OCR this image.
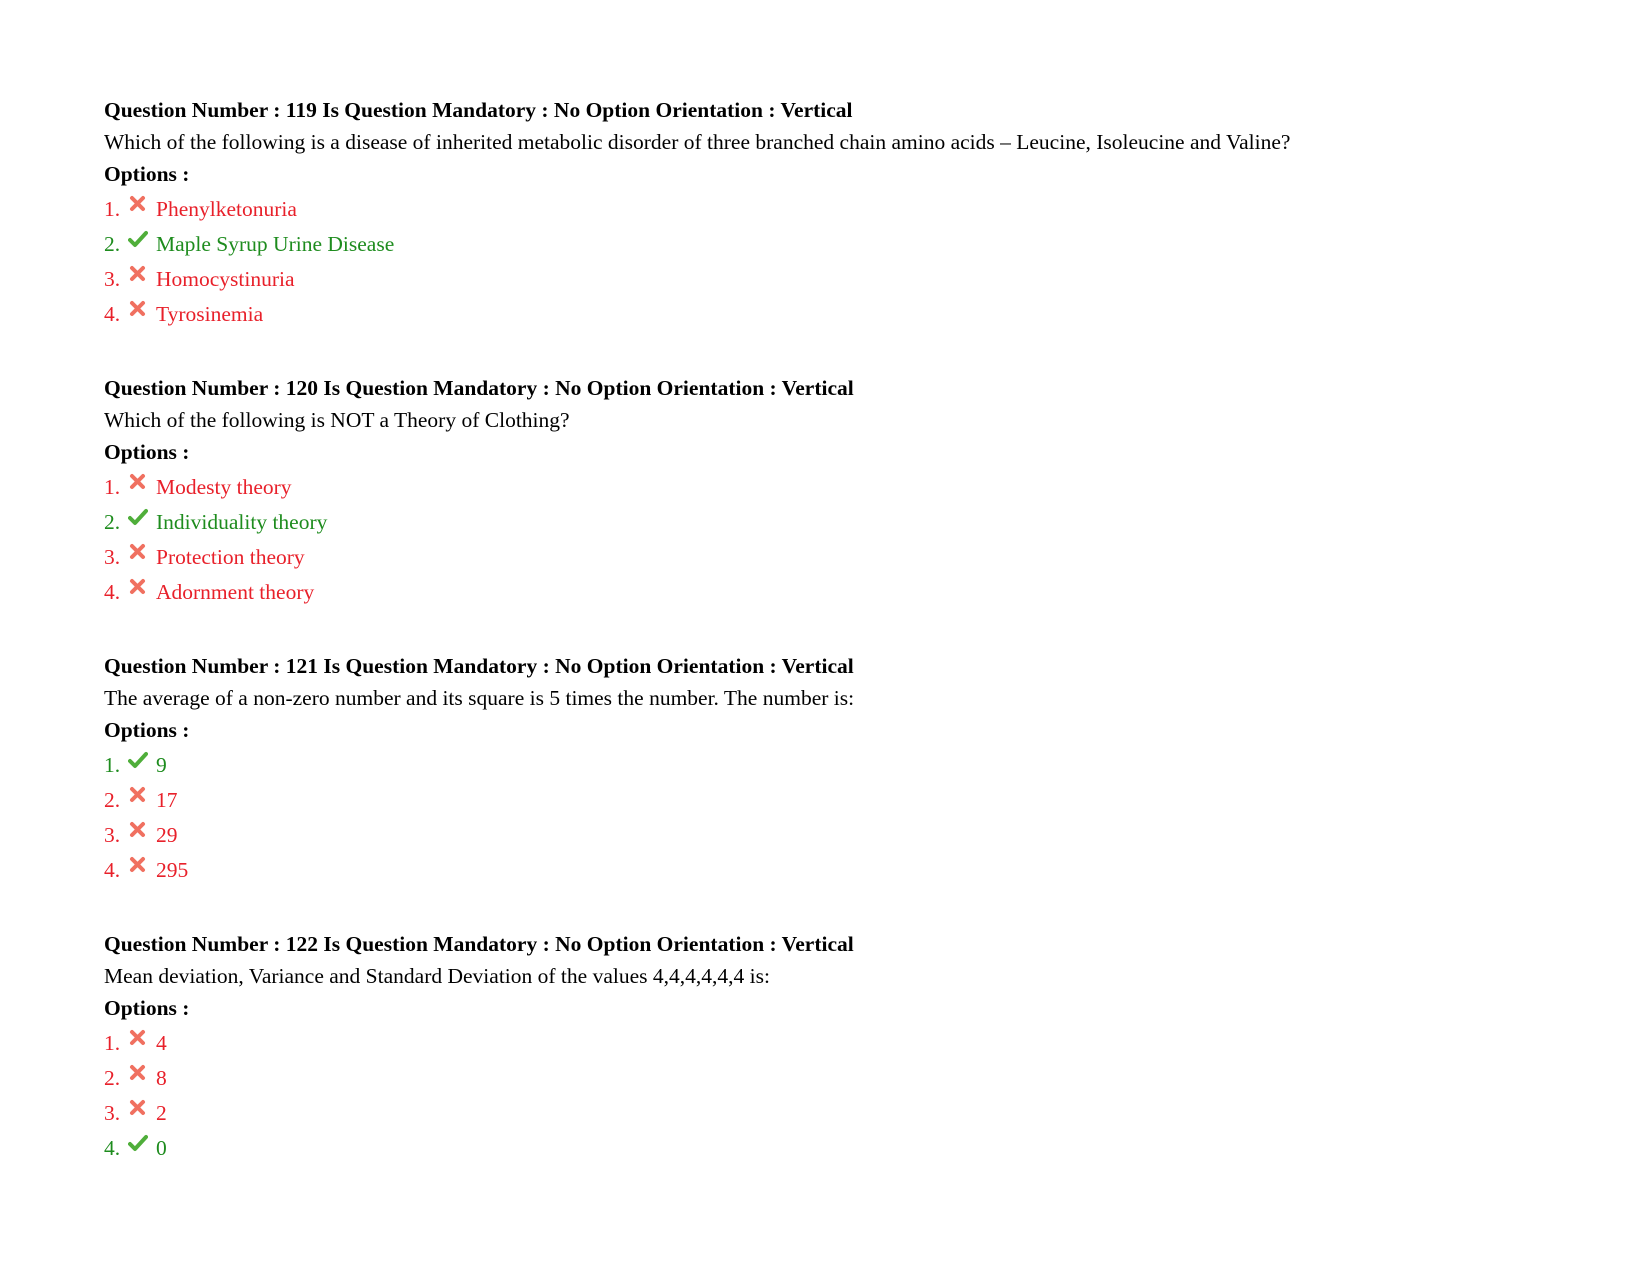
Question Number : 119 Is Question Mandatory : No Option Orientation : Vertical
Which of the following is a disease of inherited metabolic disorder of three branched chain amino acids – Leucine, Isoleucine and Valine?
Options :
1.	Phenylketonuria
2.	Maple Syrup Urine Disease
3.	Homocystinuria
4.	Tyrosinemia
Question Number : 120 Is Question Mandatory : No Option Orientation : Vertical
Which of the following is NOT a Theory of Clothing?
Options :
1.	Modesty theory
2.	Individuality theory
3.	Protection theory
4.	Adornment theory
Question Number : 121 Is Question Mandatory : No Option Orientation : Vertical
The average of a non-zero number and its square is 5 times the number. The number is:
Options :
1.	9
2.	17
3.	29
4.	295
Question Number : 122 Is Question Mandatory : No Option Orientation : Vertical
Mean deviation, Variance and Standard Deviation of the values 4,4,4,4,4,4 is:
Options :
1.	4
2.	8
3.	2
4.	0
